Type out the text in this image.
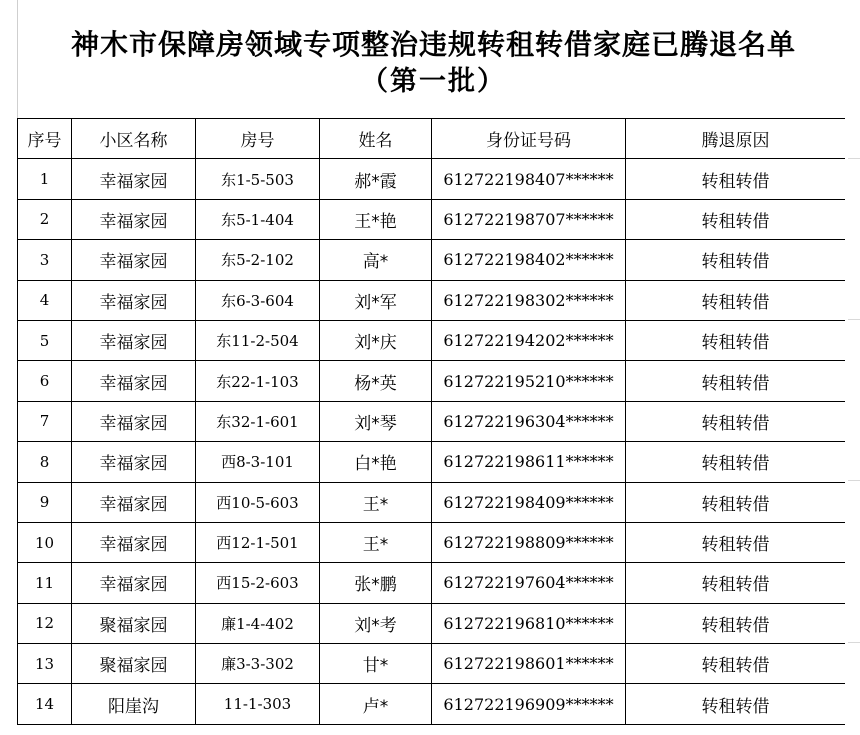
神木市保障房领域专项整治违规转租转借家庭已腾退名单
（第一批）
序号	小区名称	房号	姓名	身份证号码	腾退原因
1	幸福家园	东1-5-503	郝*霞	612722198407******	转租转借
2	幸福家园	东5-1-404	王*艳	612722198707******	转租转借
3	幸福家园	东5-2-102	高*	612722198402******	转租转借
4	幸福家园	东6-3-604	刘*军	612722198302******	转租转借
5	幸福家园	东11-2-504	刘*庆	612722194202******	转租转借
6	幸福家园	东22-1-103	杨*英	612722195210******	转租转借
7	幸福家园	东32-1-601	刘*琴	612722196304******	转租转借
8	幸福家园	西8-3-101	白*艳	612722198611******	转租转借
9	幸福家园	西10-5-603	王*	612722198409******	转租转借
10	幸福家园	西12-1-501	王*	612722198809******	转租转借
11	幸福家园	西15-2-603	张*鹏	612722197604******	转租转借
12	聚福家园	廉1-4-402	刘*考	612722196810******	转租转借
13	聚福家园	廉3-3-302	甘*	612722198601******	转租转借
14	阳崖沟	11-1-303	卢*	612722196909******	转租转借
